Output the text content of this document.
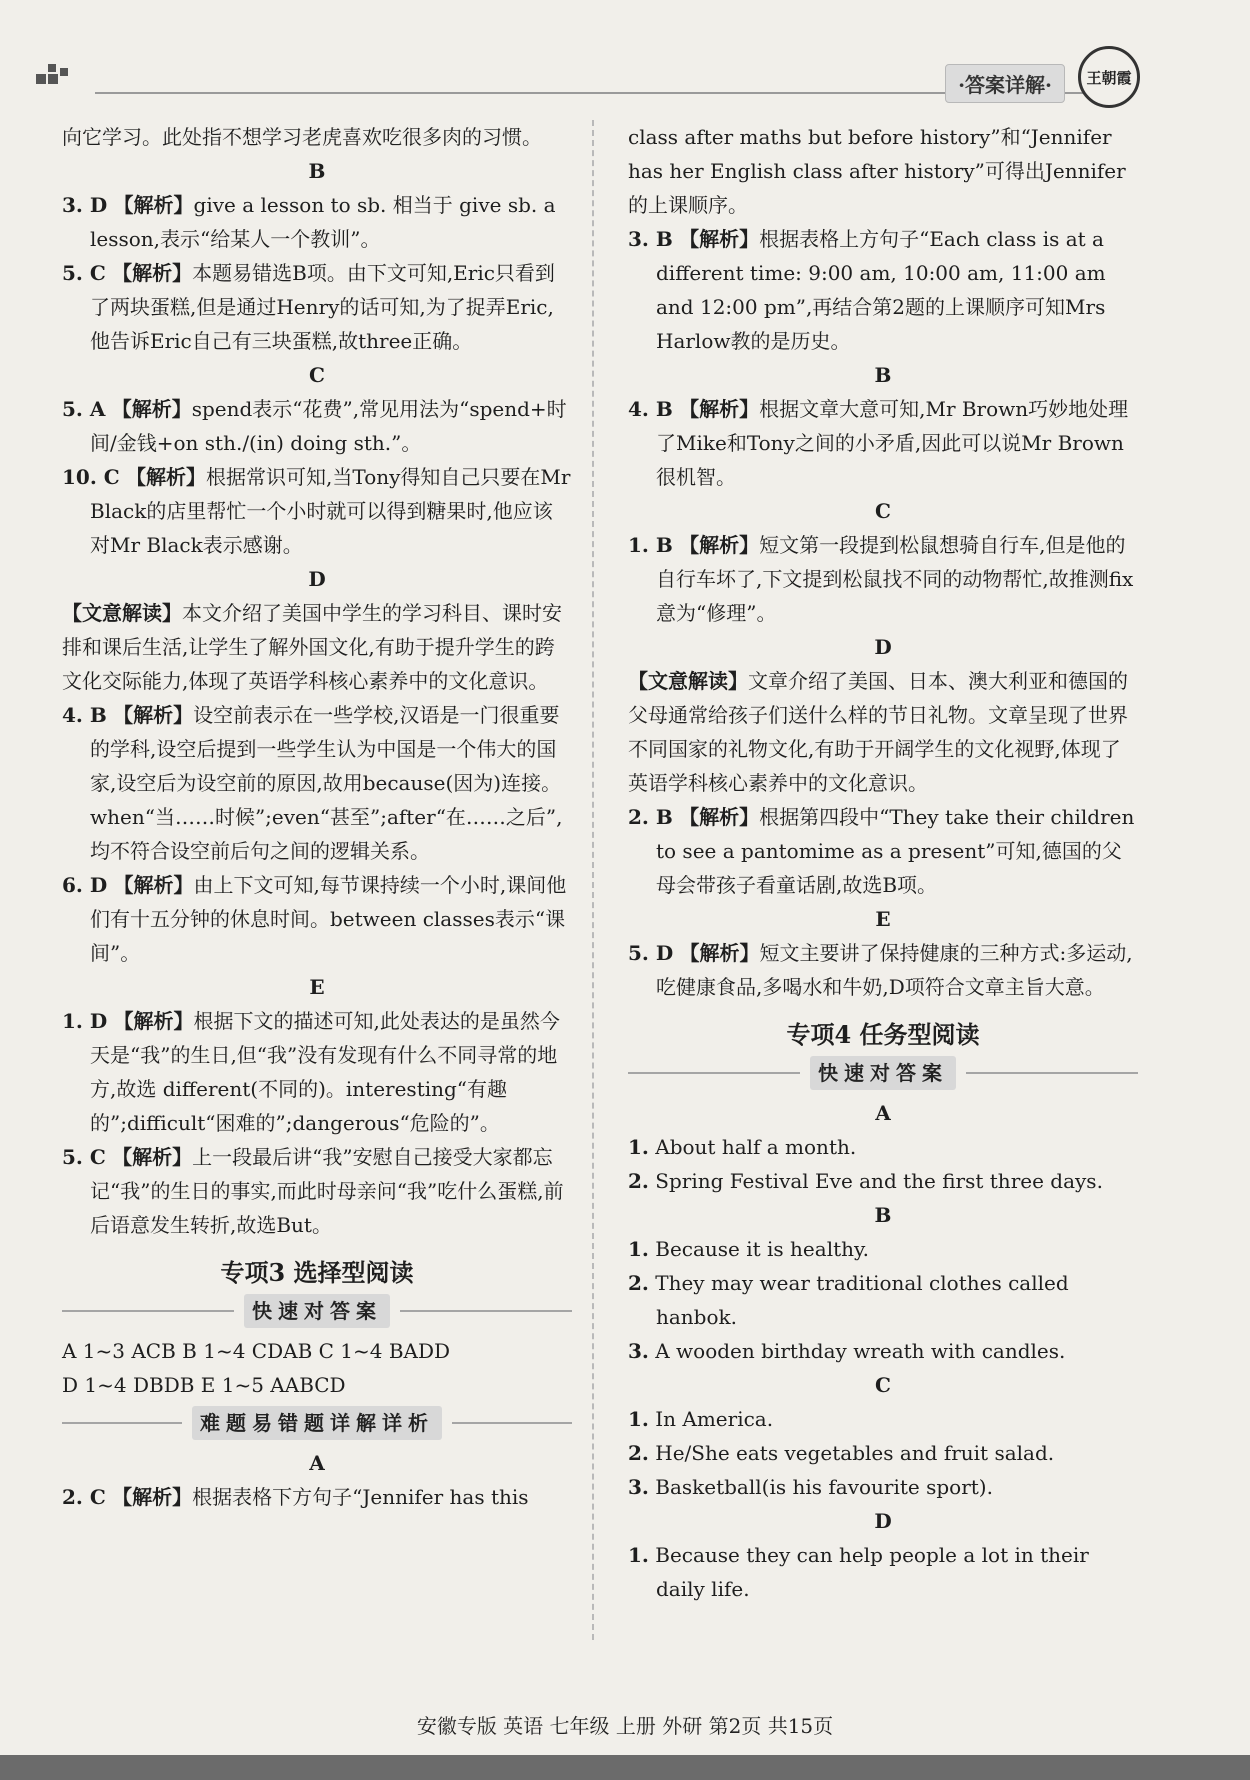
·答案详解·	王朝霞

向它学习。此处指不想学习老虎喜欢吃很多肉的习惯。

B

3. D 【解析】give a lesson to sb. 相当于 give sb. a lesson,表示“给某人一个教训”。

5. C 【解析】本题易错选B项。由下文可知,Eric只看到了两块蛋糕,但是通过Henry的话可知,为了捉弄Eric,他告诉Eric自己有三块蛋糕,故three正确。

C

5. A 【解析】spend表示“花费”,常见用法为“spend+时间/金钱+on sth./(in) doing sth.”。

10. C 【解析】根据常识可知,当Tony得知自己只要在Mr Black的店里帮忙一个小时就可以得到糖果时,他应该对Mr Black表示感谢。

D

【文意解读】本文介绍了美国中学生的学习科目、课时安排和课后生活,让学生了解外国文化,有助于提升学生的跨文化交际能力,体现了英语学科核心素养中的文化意识。

4. B 【解析】设空前表示在一些学校,汉语是一门很重要的学科,设空后提到一些学生认为中国是一个伟大的国家,设空后为设空前的原因,故用because(因为)连接。when“当……时候”;even“甚至”;after“在……之后”,均不符合设空前后句之间的逻辑关系。

6. D 【解析】由上下文可知,每节课持续一个小时,课间他们有十五分钟的休息时间。between classes表示“课间”。

E

1. D 【解析】根据下文的描述可知,此处表达的是虽然今天是“我”的生日,但“我”没有发现有什么不同寻常的地方,故选 different(不同的)。interesting“有趣的”;difficult“困难的”;dangerous“危险的”。

5. C 【解析】上一段最后讲“我”安慰自己接受大家都忘记“我”的生日的事实,而此时母亲问“我”吃什么蛋糕,前后语意发生转折,故选But。

专项3 选择型阅读

快速对答案

A 1~3 ACB B 1~4 CDAB C 1~4 BADD

D 1~4 DBDB E 1~5 AABCD

难题易错题详解详析

A

2. C 【解析】根据表格下方句子“Jennifer has this

class after maths but before history”和“Jennifer has her English class after history”可得出Jennifer的上课顺序。

3. B 【解析】根据表格上方句子“Each class is at a different time: 9:00 am, 10:00 am, 11:00 am and 12:00 pm”,再结合第2题的上课顺序可知Mrs Harlow教的是历史。

B

4. B 【解析】根据文章大意可知,Mr Brown巧妙地处理了Mike和Tony之间的小矛盾,因此可以说Mr Brown很机智。

C

1. B 【解析】短文第一段提到松鼠想骑自行车,但是他的自行车坏了,下文提到松鼠找不同的动物帮忙,故推测fix意为“修理”。

D

【文意解读】文章介绍了美国、日本、澳大利亚和德国的父母通常给孩子们送什么样的节日礼物。文章呈现了世界不同国家的礼物文化,有助于开阔学生的文化视野,体现了英语学科核心素养中的文化意识。

2. B 【解析】根据第四段中“They take their children to see a pantomime as a present”可知,德国的父母会带孩子看童话剧,故选B项。

E

5. D 【解析】短文主要讲了保持健康的三种方式:多运动,吃健康食品,多喝水和牛奶,D项符合文章主旨大意。

专项4 任务型阅读

快速对答案

A

1. About half a month.

2. Spring Festival Eve and the first three days.

B

1. Because it is healthy.

2. They may wear traditional clothes called hanbok.

3. A wooden birthday wreath with candles.

C

1. In America.

2. He/She eats vegetables and fruit salad.

3. Basketball(is his favourite sport).

D

1. Because they can help people a lot in their daily life.

安徽专版 英语 七年级 上册 外研 第2页 共15页
